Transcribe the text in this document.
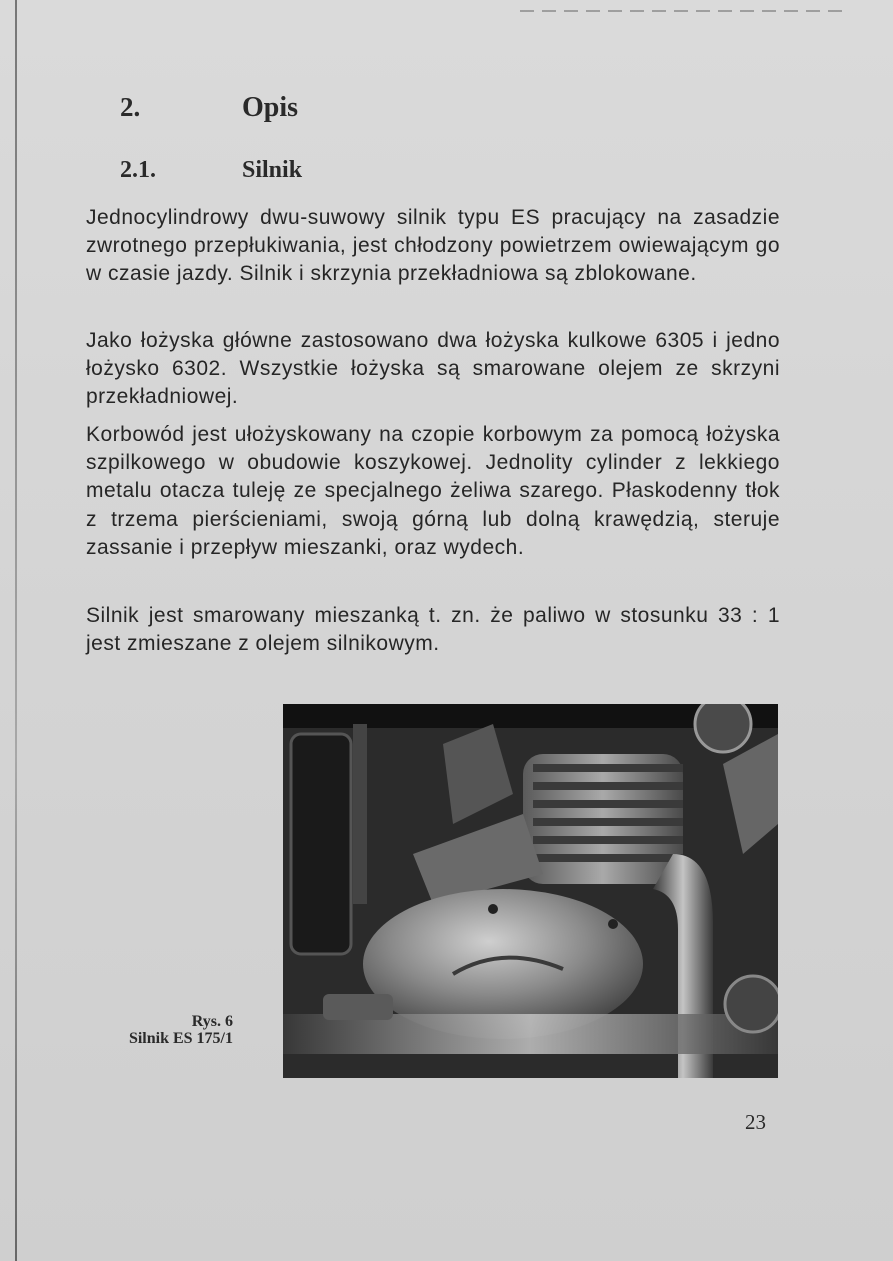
2.	Opis
2.1.	Silnik

Jednocylindrowy dwu-suwowy silnik typu ES pracujący na zasadzie zwrotnego przepłukiwania, jest chłodzony powietrzem owiewającym go w czasie jazdy. Silnik i skrzynia przekładniowa są zblokowane.

Jako łożyska główne zastosowano dwa łożyska kulkowe 6305 i jedno łożysko 6302. Wszystkie łożyska są smarowane olejem ze skrzyni przekładniowej.

Korbowód jest ułożyskowany na czopie korbowym za pomocą łożyska szpilkowego w obudowie koszykowej. Jednolity cylinder z lekkiego metalu otacza tuleję ze specjalnego żeliwa szarego. Płaskodenny tłok z trzema pierścieniami, swoją górną lub dolną krawędzią, steruje zassanie i przepływ mieszanki, oraz wydech.

Silnik jest smarowany mieszanką t. zn. że paliwo w stosunku 33 : 1 jest zmieszane z olejem silnikowym.

Rys. 6
Silnik ES 175/1
23
